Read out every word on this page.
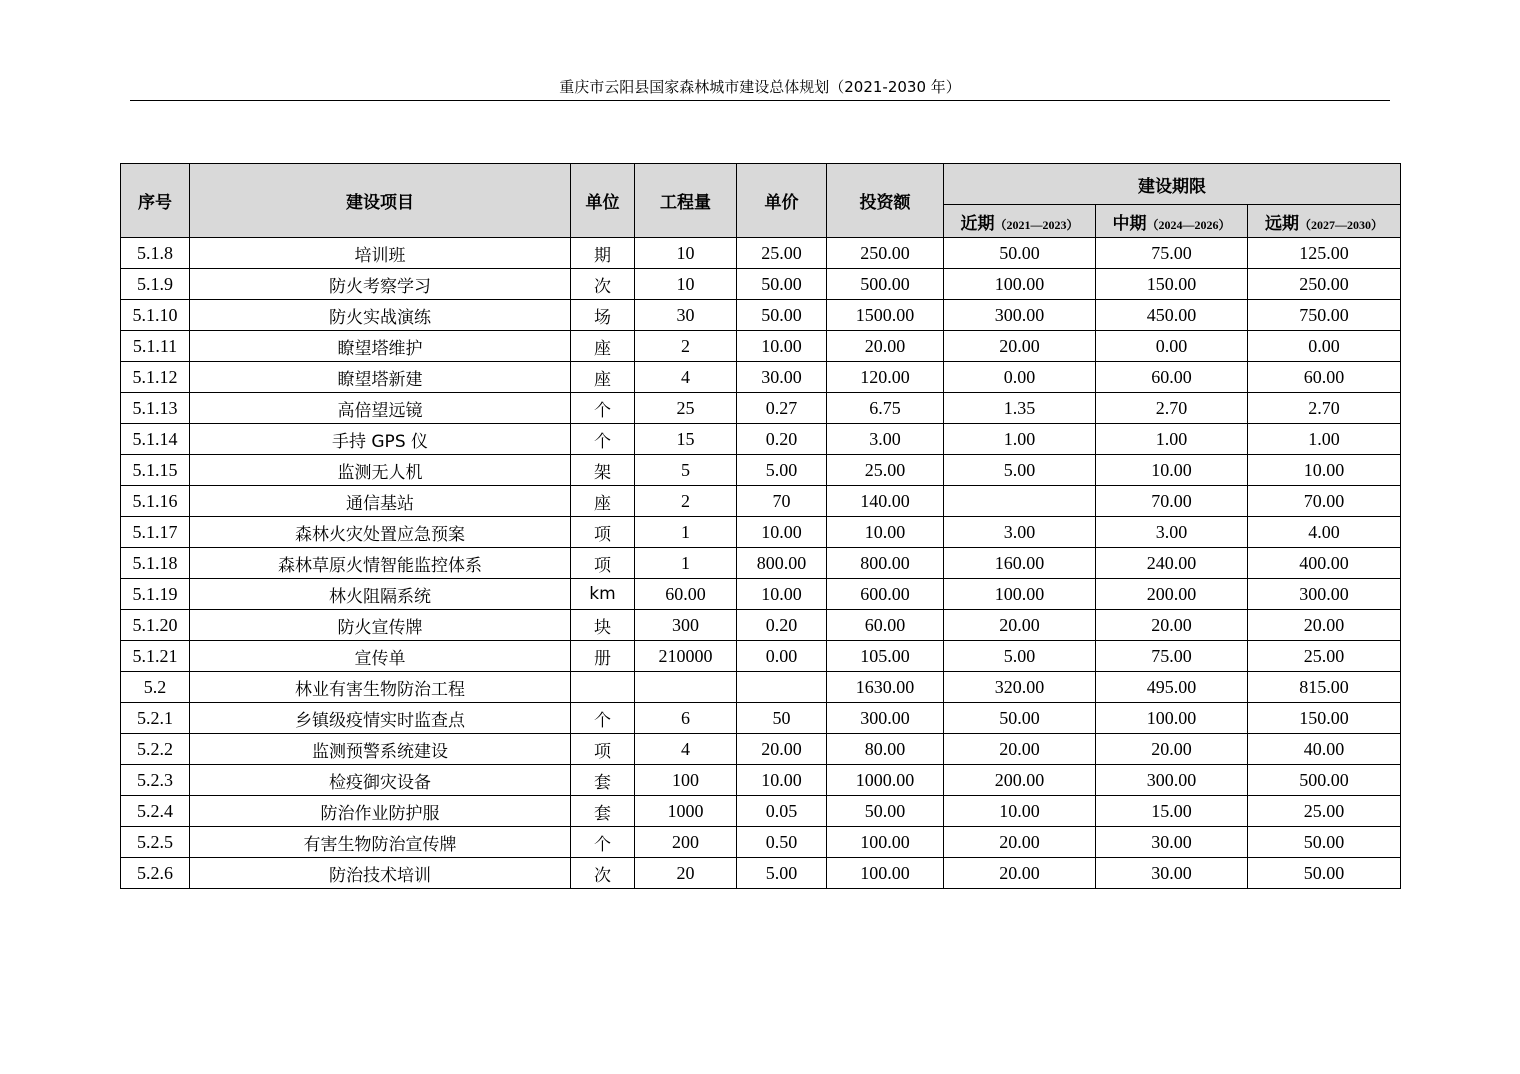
重庆市云阳县国家森林城市建设总体规划（2021-2030 年）
序号	建设项目	单位	工程量	单价	投资额	建设期限		
						近期（2021—2023）	中期（2024—2026）	远期（2027—2030）
5.1.8	培训班	期	10	25.00	250.00	50.00	75.00	125.00
5.1.9	防火考察学习	次	10	50.00	500.00	100.00	150.00	250.00
5.1.10	防火实战演练	场	30	50.00	1500.00	300.00	450.00	750.00
5.1.11	瞭望塔维护	座	2	10.00	20.00	20.00	0.00	0.00
5.1.12	瞭望塔新建	座	4	30.00	120.00	0.00	60.00	60.00
5.1.13	高倍望远镜	个	25	0.27	6.75	1.35	2.70	2.70
5.1.14	手持 GPS 仪	个	15	0.20	3.00	1.00	1.00	1.00
5.1.15	监测无人机	架	5	5.00	25.00	5.00	10.00	10.00
5.1.16	通信基站	座	2	70	140.00		70.00	70.00
5.1.17	森林火灾处置应急预案	项	1	10.00	10.00	3.00	3.00	4.00
5.1.18	森林草原火情智能监控体系	项	1	800.00	800.00	160.00	240.00	400.00
5.1.19	林火阻隔系统	km	60.00	10.00	600.00	100.00	200.00	300.00
5.1.20	防火宣传牌	块	300	0.20	60.00	20.00	20.00	20.00
5.1.21	宣传单	册	210000	0.00	105.00	5.00	75.00	25.00
5.2	林业有害生物防治工程				1630.00	320.00	495.00	815.00
5.2.1	乡镇级疫情实时监查点	个	6	50	300.00	50.00	100.00	150.00
5.2.2	监测预警系统建设	项	4	20.00	80.00	20.00	20.00	40.00
5.2.3	检疫御灾设备	套	100	10.00	1000.00	200.00	300.00	500.00
5.2.4	防治作业防护服	套	1000	0.05	50.00	10.00	15.00	25.00
5.2.5	有害生物防治宣传牌	个	200	0.50	100.00	20.00	30.00	50.00
5.2.6	防治技术培训	次	20	5.00	100.00	20.00	30.00	50.00
